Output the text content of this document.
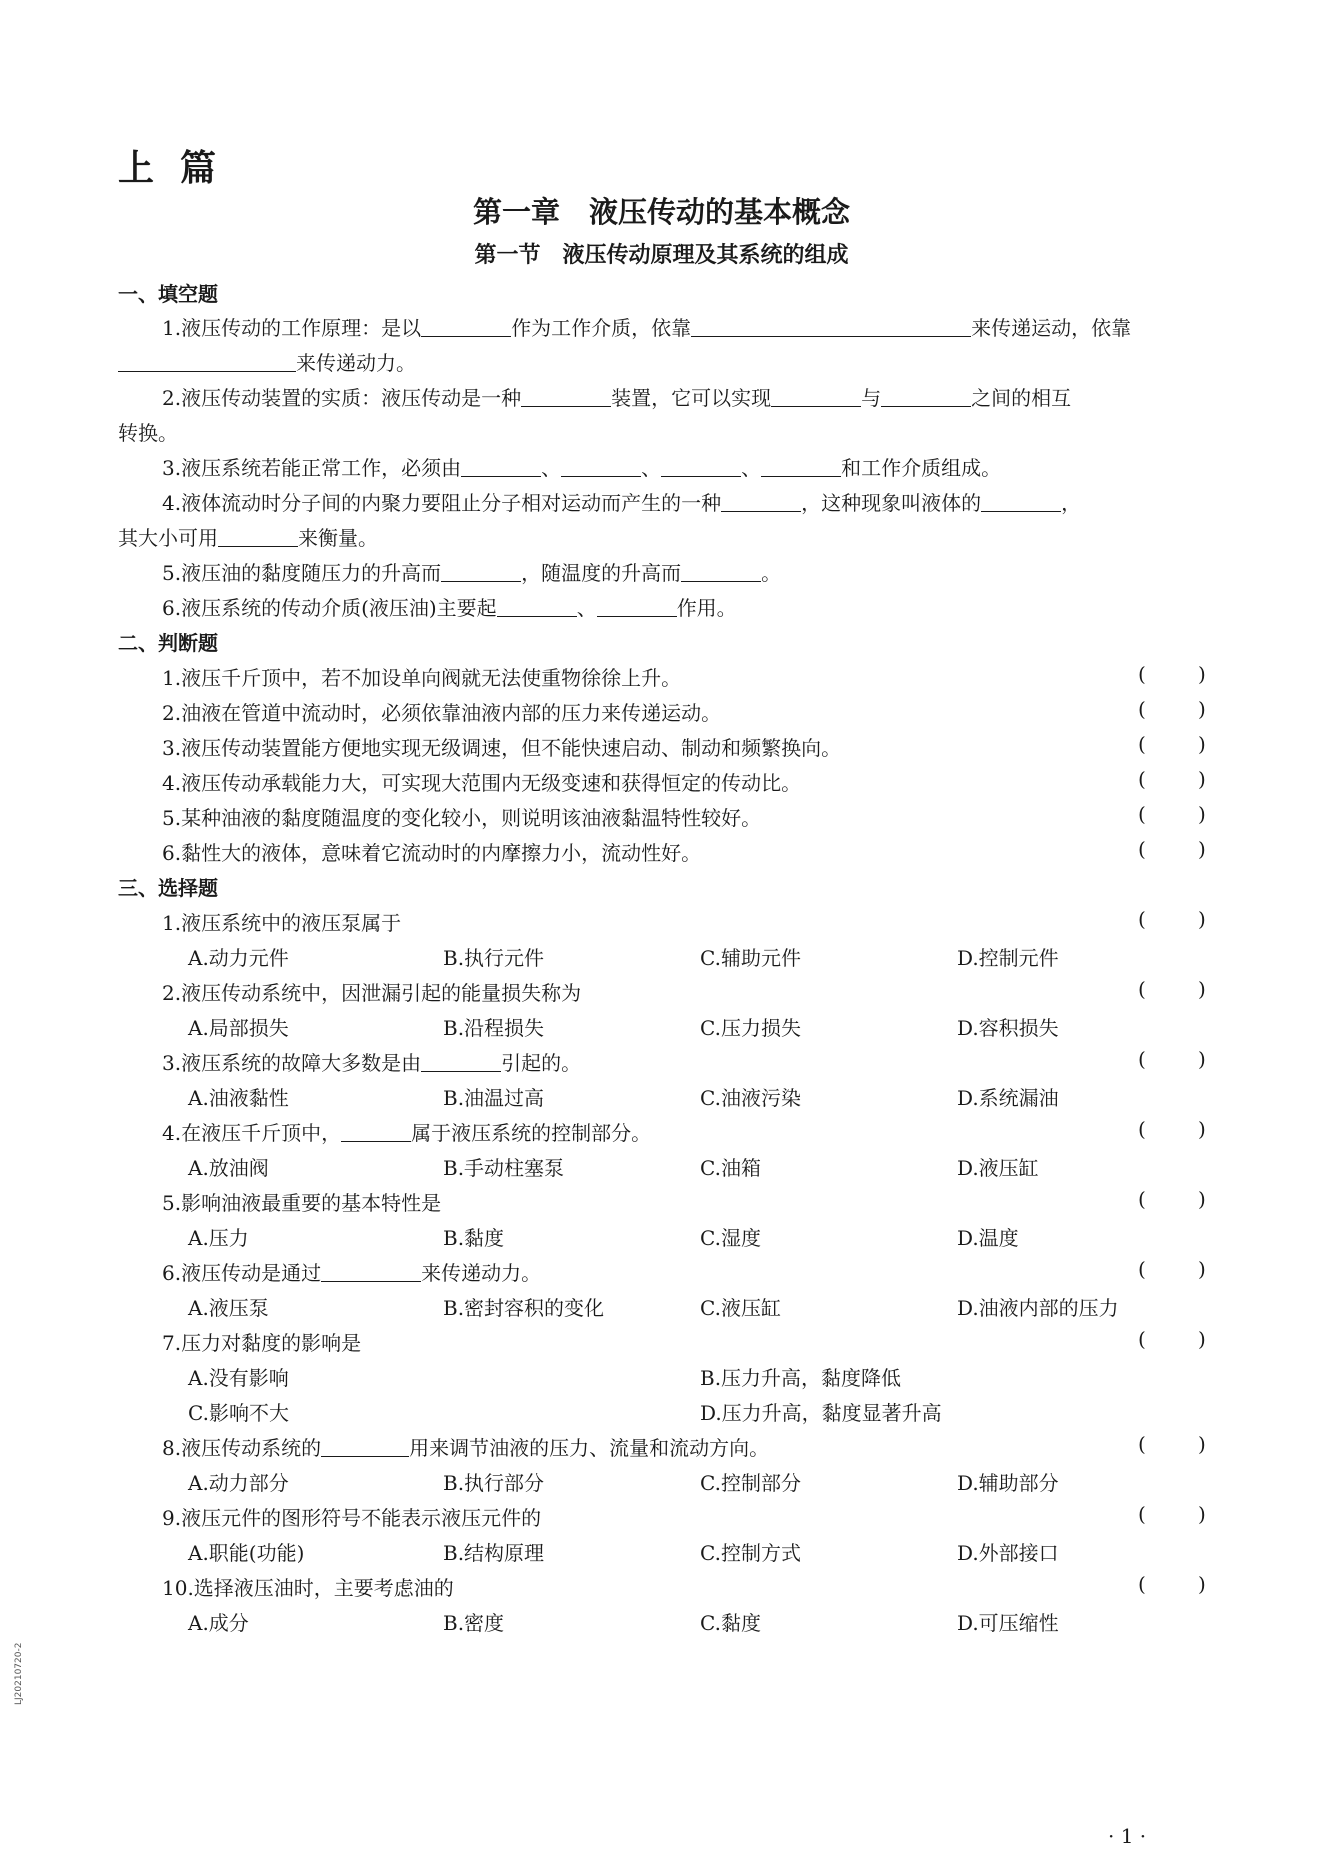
上篇
第一章　液压传动的基本概念
第一节　液压传动原理及其系统的组成
一、填空题
1.液压传动的工作原理：是以	作为工作介质，依靠	来传递运动，依靠
来传递动力。
2.液压传动装置的实质：液压传动是一种	装置，它可以实现	与	之间的相互
转换。
3.液压系统若能正常工作，必须由	、	、	、	和工作介质组成。
4.液体流动时分子间的内聚力要阻止分子相对运动而产生的一种	，这种现象叫液体的	，
其大小可用	来衡量。
5.液压油的黏度随压力的升高而	，随温度的升高而	。
6.液压系统的传动介质(液压油)主要起	、	作用。
二、判断题
1.液压千斤顶中，若不加设单向阀就无法使重物徐徐上升。	(	)
2.油液在管道中流动时，必须依靠油液内部的压力来传递运动。	(	)
3.液压传动装置能方便地实现无级调速，但不能快速启动、制动和频繁换向。	(	)
4.液压传动承载能力大，可实现大范围内无级变速和获得恒定的传动比。	(	)
5.某种油液的黏度随温度的变化较小，则说明该油液黏温特性较好。	(	)
6.黏性大的液体，意味着它流动时的内摩擦力小，流动性好。	(	)
三、选择题
1.液压系统中的液压泵属于	(	)
A.动力元件	B.执行元件	C.辅助元件	D.控制元件
2.液压传动系统中，因泄漏引起的能量损失称为	(	)
A.局部损失	B.沿程损失	C.压力损失	D.容积损失
3.液压系统的故障大多数是由	引起的。	(	)
A.油液黏性	B.油温过高	C.油液污染	D.系统漏油
4.在液压千斤顶中，	属于液压系统的控制部分。	(	)
A.放油阀	B.手动柱塞泵	C.油箱	D.液压缸
5.影响油液最重要的基本特性是	(	)
A.压力	B.黏度	C.湿度	D.温度
6.液压传动是通过	来传递动力。	(	)
A.液压泵	B.密封容积的变化	C.液压缸	D.油液内部的压力
7.压力对黏度的影响是	(	)
A.没有影响	B.压力升高，黏度降低
C.影响不大	D.压力升高，黏度显著升高
8.液压传动系统的	用来调节油液的压力、流量和流动方向。	(	)
A.动力部分	B.执行部分	C.控制部分	D.辅助部分
9.液压元件的图形符号不能表示液压元件的	(	)
A.职能(功能)	B.结构原理	C.控制方式	D.外部接口
10.选择液压油时，主要考虑油的	(	)
A.成分	B.密度	C.黏度	D.可压缩性
LJ20210720-2
· 1 ·
